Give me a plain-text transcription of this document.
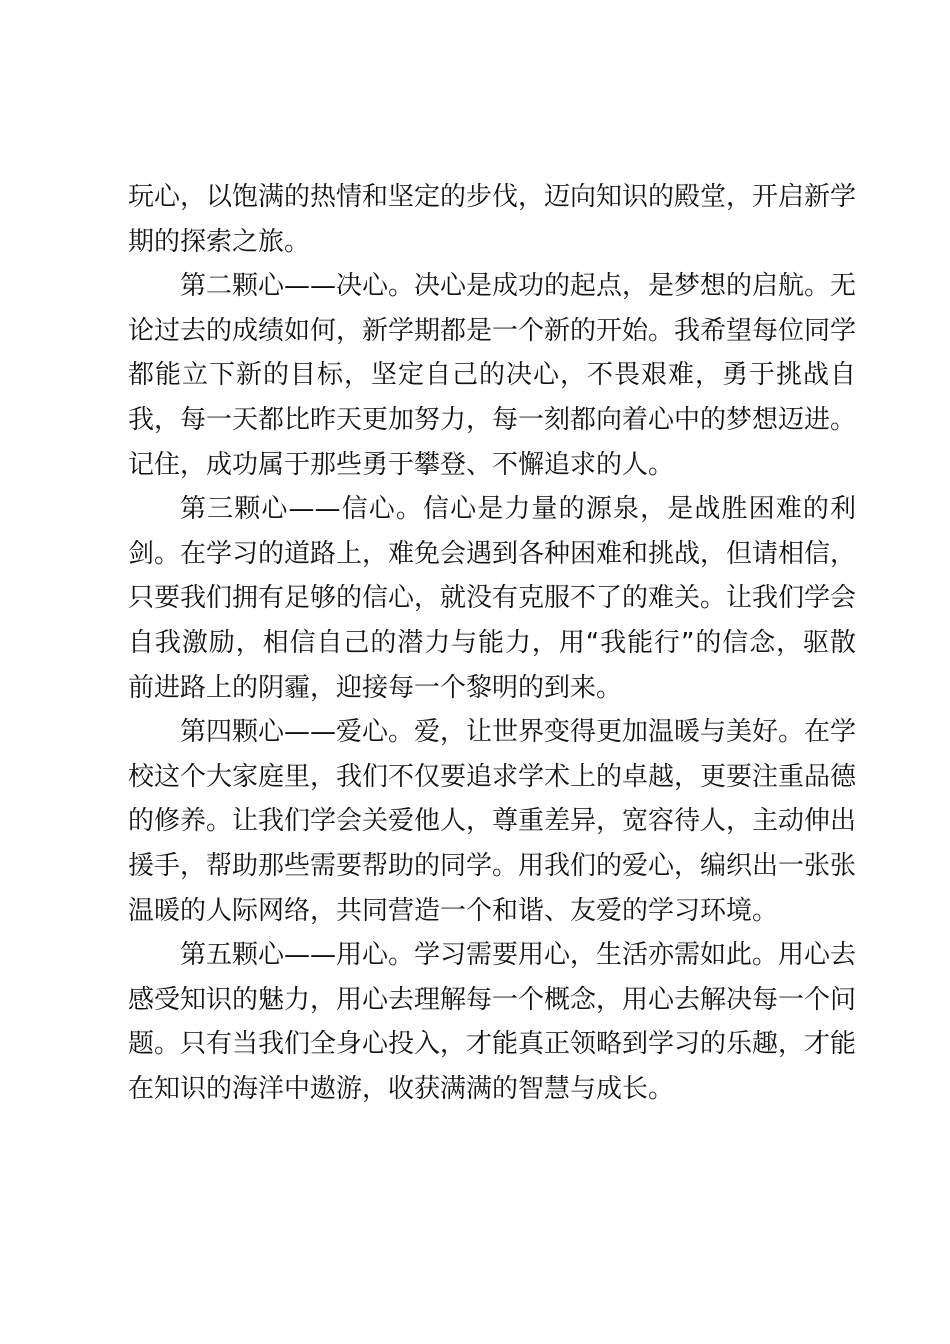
玩心，以饱满的热情和坚定的步伐，迈向知识的殿堂，开启新学期的探索之旅。

第二颗心——决心。决心是成功的起点，是梦想的启航。无论过去的成绩如何，新学期都是一个新的开始。我希望每位同学都能立下新的目标，坚定自己的决心，不畏艰难，勇于挑战自我，每一天都比昨天更加努力，每一刻都向着心中的梦想迈进。记住，成功属于那些勇于攀登、不懈追求的人。

第三颗心——信心。信心是力量的源泉，是战胜困难的利剑。在学习的道路上，难免会遇到各种困难和挑战，但请相信，只要我们拥有足够的信心，就没有克服不了的难关。让我们学会自我激励，相信自己的潜力与能力，用“我能行”的信念，驱散前进路上的阴霾，迎接每一个黎明的到来。

第四颗心——爱心。爱，让世界变得更加温暖与美好。在学校这个大家庭里，我们不仅要追求学术上的卓越，更要注重品德的修养。让我们学会关爱他人，尊重差异，宽容待人，主动伸出援手，帮助那些需要帮助的同学。用我们的爱心，编织出一张张温暖的人际网络，共同营造一个和谐、友爱的学习环境。

第五颗心——用心。学习需要用心，生活亦需如此。用心去感受知识的魅力，用心去理解每一个概念，用心去解决每一个问题。只有当我们全身心投入，才能真正领略到学习的乐趣，才能在知识的海洋中遨游，收获满满的智慧与成长。
